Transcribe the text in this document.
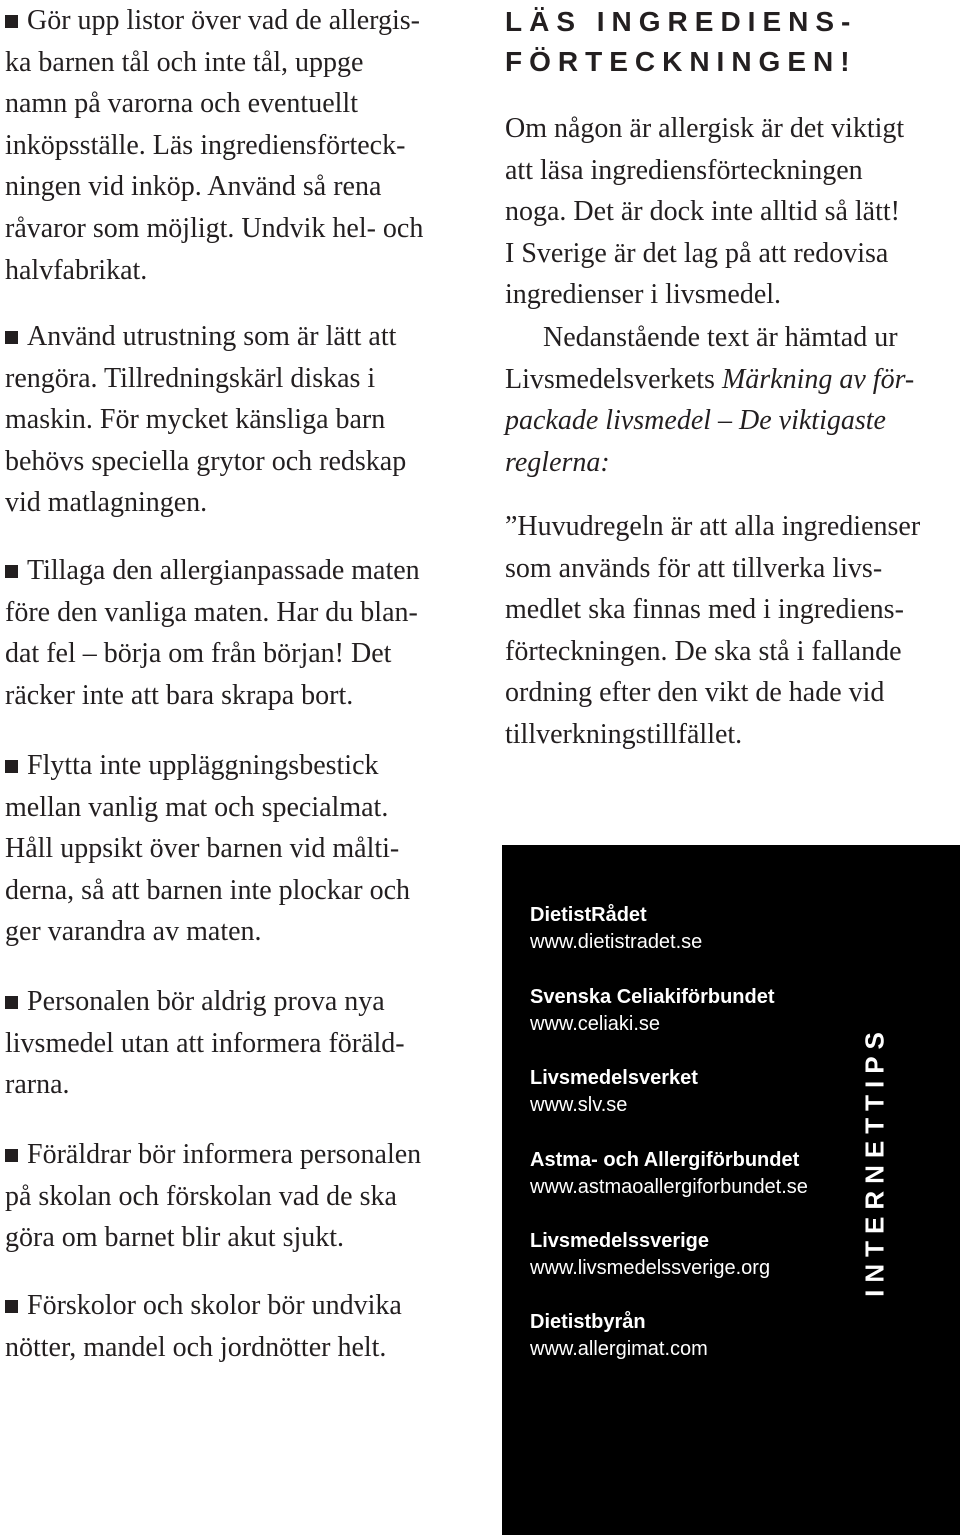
Gör upp listor över vad de allergis-
ka barnen tål och inte tål, uppge
namn på varorna och eventuellt
inköpsställe. Läs ingrediensförteck-
ningen vid inköp. Använd så rena
råvaror som möjligt. Undvik hel- och
halvfabrikat.
Använd utrustning som är lätt att
rengöra. Tillredningskärl diskas i
maskin. För mycket känsliga barn
behövs speciella grytor och redskap
vid matlagningen.
Tillaga den allergianpassade maten
före den vanliga maten. Har du blan-
dat fel – börja om från början! Det
räcker inte att bara skrapa bort.
Flytta inte uppläggningsbestick
mellan vanlig mat och specialmat.
Håll uppsikt över barnen vid målti-
derna, så att barnen inte plockar och
ger varandra av maten.
Personalen bör aldrig prova nya
livsmedel utan att informera föräld-
rarna.
Föräldrar bör informera personalen
på skolan och förskolan vad de ska
göra om barnet blir akut sjukt.
Förskolor och skolor bör undvika
nötter, mandel och jordnötter helt.
LÄS INGREDIENS-
FÖRTECKNINGEN!
Om någon är allergisk är det viktigt
att läsa ingrediensförteckningen
noga. Det är dock inte alltid så lätt!
I Sverige är det lag på att redovisa
ingredienser i livsmedel.
Nedanstående text är hämtad ur
Livsmedelsverkets Märkning av för-
packade livsmedel – De viktigaste
reglerna:
”Huvudregeln är att alla ingredienser
som används för att tillverka livs-
medlet ska finnas med i ingrediens-
förteckningen. De ska stå i fallande
ordning efter den vikt de hade vid
tillverkningstillfället.
DietistRådet
www.dietistradet.se
Svenska Celiakiförbundet
www.celiaki.se
Livsmedelsverket
www.slv.se
Astma- och Allergiförbundet
www.astmaoallergiforbundet.se
Livsmedelssverige
www.livsmedelssverige.org
Dietistbyrån
www.allergimat.com
INTERNETTIPS
